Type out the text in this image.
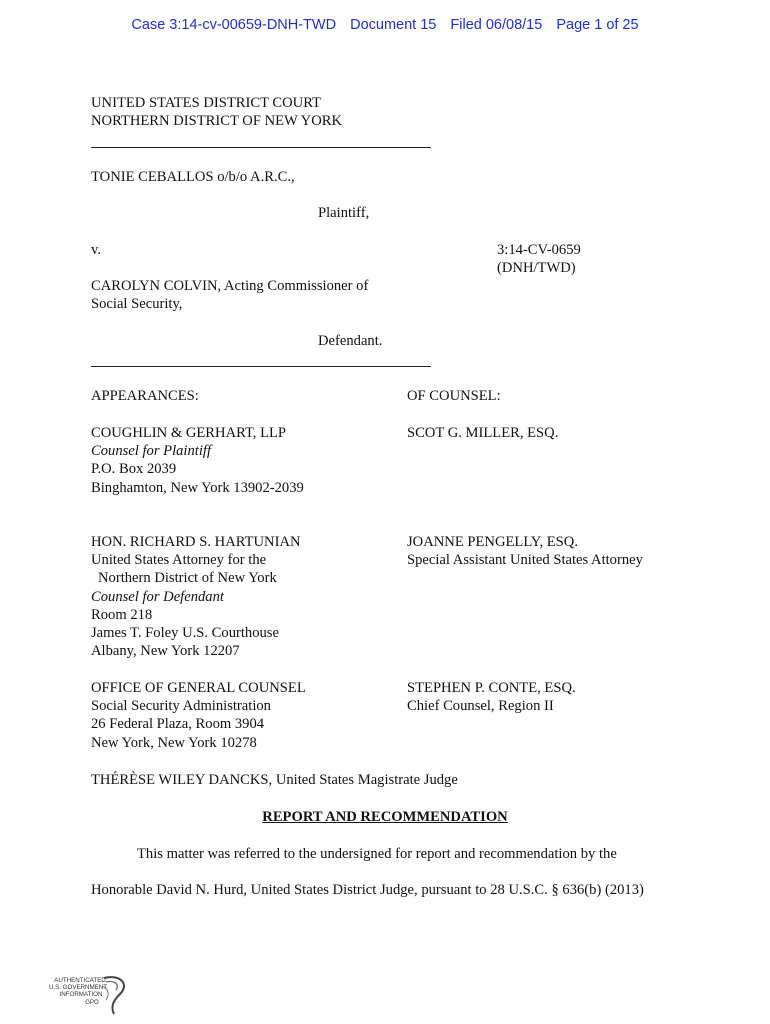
Case 3:14-cv-00659-DNH-TWD Document 15 Filed 06/08/15 Page 1 of 25
UNITED STATES DISTRICT COURT
NORTHERN DISTRICT OF NEW YORK
TONIE CEBALLOS o/b/o A.R.C.,
Plaintiff,
v.	3:14-CV-0659
(DNH/TWD)
CAROLYN COLVIN, Acting Commissioner of
Social Security,
Defendant.
APPEARANCES:	OF COUNSEL:
COUGHLIN & GERHART, LLP
Counsel for Plaintiff
P.O. Box 2039
Binghamton, New York 13902-2039
SCOT G. MILLER, ESQ.
HON. RICHARD S. HARTUNIAN
United States Attorney for the
Northern District of New York
Counsel for Defendant
Room 218
James T. Foley U.S. Courthouse
Albany, New York 12207
JOANNE PENGELLY, ESQ.
Special Assistant United States Attorney
OFFICE OF GENERAL COUNSEL
Social Security Administration
26 Federal Plaza, Room 3904
New York, New York 10278
STEPHEN P. CONTE, ESQ.
Chief Counsel, Region II
THÉRÈSE WILEY DANCKS, United States Magistrate Judge
REPORT AND RECOMMENDATION
This matter was referred to the undersigned for report and recommendation by the
Honorable David N. Hurd, United States District Judge, pursuant to 28 U.S.C. § 636(b) (2013)
AUTHENTICATED
U.S. GOVERNMENT
INFORMATION
GPO
